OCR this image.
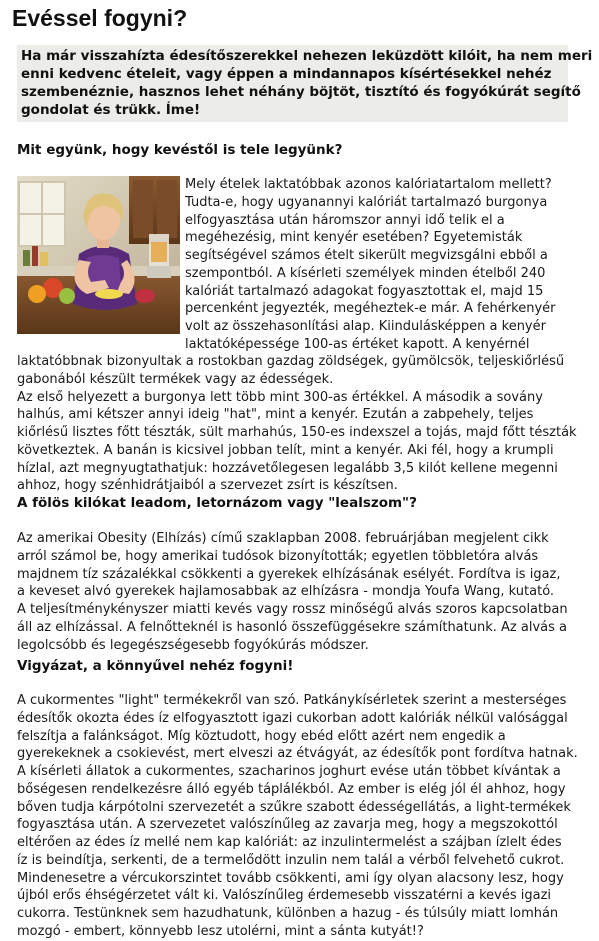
Evéssel fogyni?
Ha már visszahízta édesítőszerekkel nehezen leküzdött kilóit, ha nem meri
enni kedvenc ételeit, vagy éppen a mindannapos kísértésekkel nehéz
szembenéznie, hasznos lehet néhány böjtöt, tisztító és fogyókúrát segítő
gondolat és trükk. Íme!
Mit együnk, hogy kevéstől is tele legyünk?
Mely ételek laktatóbbak azonos kalóriatartalom mellett?
Tudta-e, hogy ugyanannyi kalóriát tartalmazó burgonya
elfogyasztása után háromszor annyi idő telik el a
megéhezésig, mint kenyér esetében? Egyetemisták
segítségével számos ételt sikerült megvizsgálni ebből a
szempontból. A kísérleti személyek minden ételből 240
kalóriát tartalmazó adagokat fogyasztottak el, majd 15
percenként jegyezték, megéheztek-e már. A fehérkenyér
volt az összehasonlítási alap. Kiindulásképpen a kenyér
laktatóképessége 100-as értéket kapott. A kenyérnél
laktatóbbnak bizonyultak a rostokban gazdag zöldségek, gyümölcsök, teljeskiőrlésű
gabonából készült termékek vagy az édességek.
Az első helyezett a burgonya lett több mint 300-as értékkel. A második a sovány
halhús, ami kétszer annyi ideig "hat", mint a kenyér. Ezután a zabpehely, teljes
kiőrlésű lisztes főtt tészták, sült marhahús, 150-es indexszel a tojás, majd főtt tészták
következtek. A banán is kicsivel jobban telít, mint a kenyér. Aki fél, hogy a krumpli
hízlal, azt megnyugtathatjuk: hozzávetőlegesen legalább 3,5 kilót kellene megenni
ahhoz, hogy szénhidrátjaiból a szervezet zsírt is készítsen.
A fölös kilókat leadom, letornázom vagy "lealszom"?
Az amerikai Obesity (Elhízás) című szaklapban 2008. februárjában megjelent cikk
arról számol be, hogy amerikai tudósok bizonyították; egyetlen többletóra alvás
majdnem tíz százalékkal csökkenti a gyerekek elhízásának esélyét. Fordítva is igaz,
a keveset alvó gyerekek hajlamosabbak az elhízásra - mondja Youfa Wang, kutató.
A teljesítménykényszer miatti kevés vagy rossz minőségű alvás szoros kapcsolatban
áll az elhízással. A felnőtteknél is hasonló összefüggésekre számíthatunk. Az alvás a
legolcsóbb és legegészségesebb fogyókúrás módszer.
Vigyázat, a könnyűvel nehéz fogyni!
A cukormentes "light" termékekről van szó. Patkánykísérletek szerint a mesterséges
édesítők okozta édes íz elfogyasztott igazi cukorban adott kalóriák nélkül valósággal
felszítja a falánkságot. Míg köztudott, hogy ebéd előtt azért nem engedik a
gyerekeknek a csokievést, mert elveszi az étvágyát, az édesítők pont fordítva hatnak.
A kísérleti állatok a cukormentes, szacharinos joghurt evése után többet kívántak a
bőségesen rendelkezésre álló egyéb táplálékból. Az ember is elég jól él ahhoz, hogy
bőven tudja kárpótolni szervezetét a szűkre szabott édességellátás, a light-termékek
fogyasztása után. A szervezetet valószínűleg az zavarja meg, hogy a megszokottól
eltérően az édes íz mellé nem kap kalóriát: az inzulintermelést a szájban ízlelt édes
íz is beindítja, serkenti, de a termelődött inzulin nem talál a vérből felvehető cukrot.
Mindenesetre a vércukorszintet tovább csökkenti, ami így olyan alacsony lesz, hogy
újból erős éhségérzetet vált ki. Valószínűleg érdemesebb visszatérni a kevés igazi
cukorra. Testünknek sem hazudhatunk, különben a hazug - és túlsúly miatt lomhán
mozgó - embert, könnyebb lesz utolérni, mint a sánta kutyát!?
